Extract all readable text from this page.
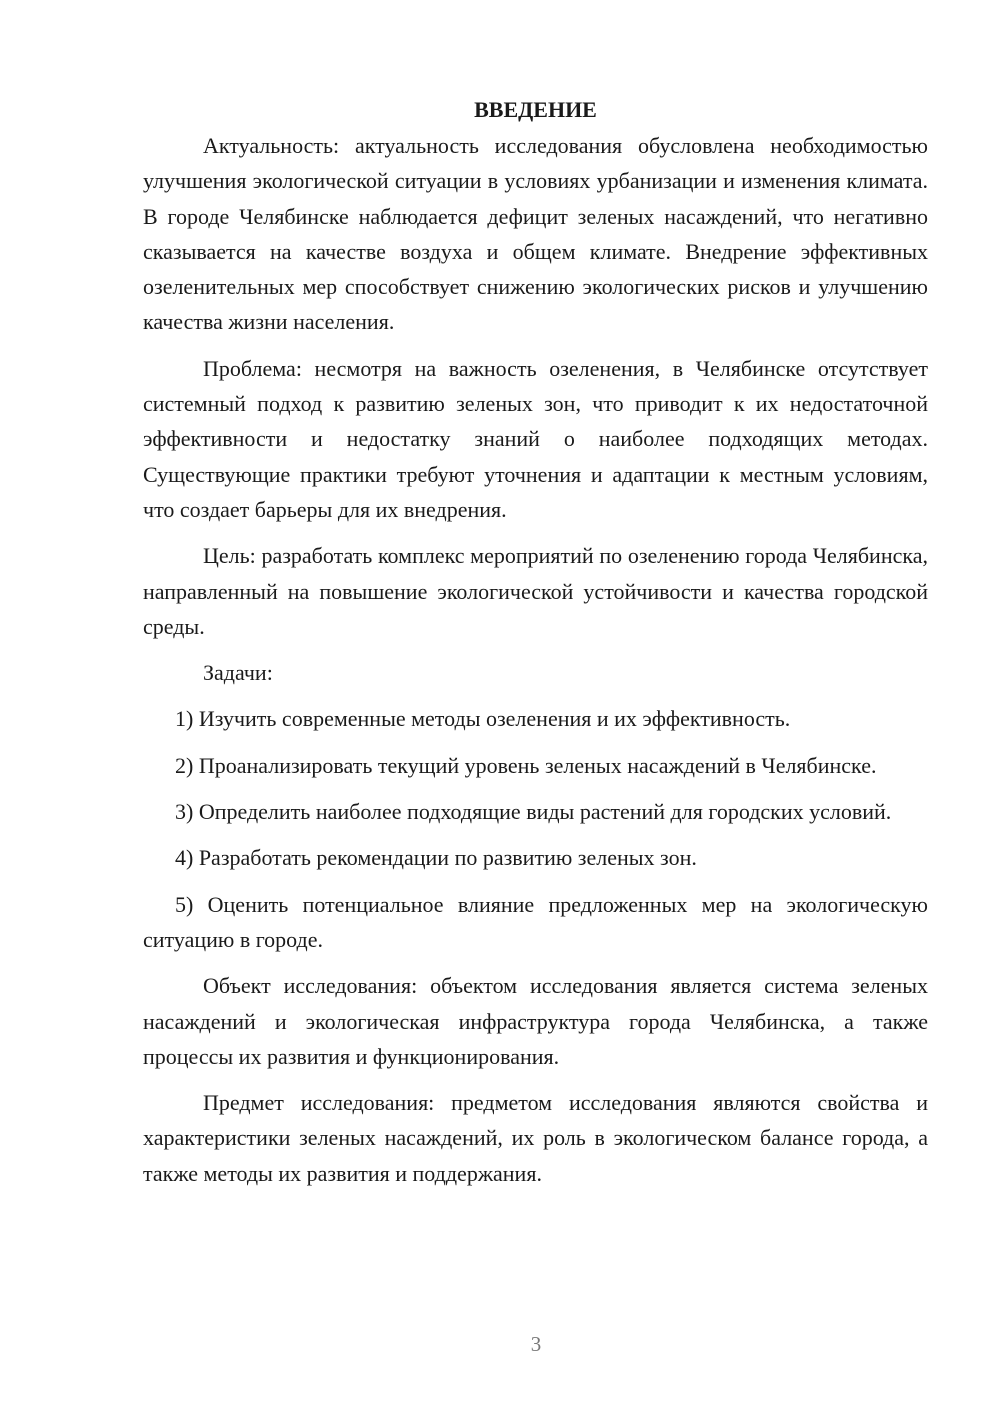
ВВЕДЕНИЕ

Актуальность: актуальность исследования обусловлена необходимостью улучшения экологической ситуации в условиях урбанизации и изменения климата. В городе Челябинске наблюдается дефицит зеленых насаждений, что негативно сказывается на качестве воздуха и общем климате. Внедрение эффективных озеленительных мер способствует снижению экологических рисков и улучшению качества жизни населения.

Проблема: несмотря на важность озеленения, в Челябинске отсутствует системный подход к развитию зеленых зон, что приводит к их недостаточной эффективности и недостатку знаний о наиболее подходящих методах. Существующие практики требуют уточнения и адаптации к местным условиям, что создает барьеры для их внедрения.

Цель: разработать комплекс мероприятий по озеленению города Челябинска, направленный на повышение экологической устойчивости и качества городской среды.

Задачи:

1) Изучить современные методы озеленения и их эффективность.

2) Проанализировать текущий уровень зеленых насаждений в Челябинске.

3) Определить наиболее подходящие виды растений для городских условий.

4) Разработать рекомендации по развитию зеленых зон.

5) Оценить потенциальное влияние предложенных мер на экологическую ситуацию в городе.

Объект исследования: объектом исследования является система зеленых насаждений и экологическая инфраструктура города Челябинска, а также процессы их развития и функционирования.

Предмет исследования: предметом исследования являются свойства и характеристики зеленых насаждений, их роль в экологическом балансе города, а также методы их развития и поддержания.

3
